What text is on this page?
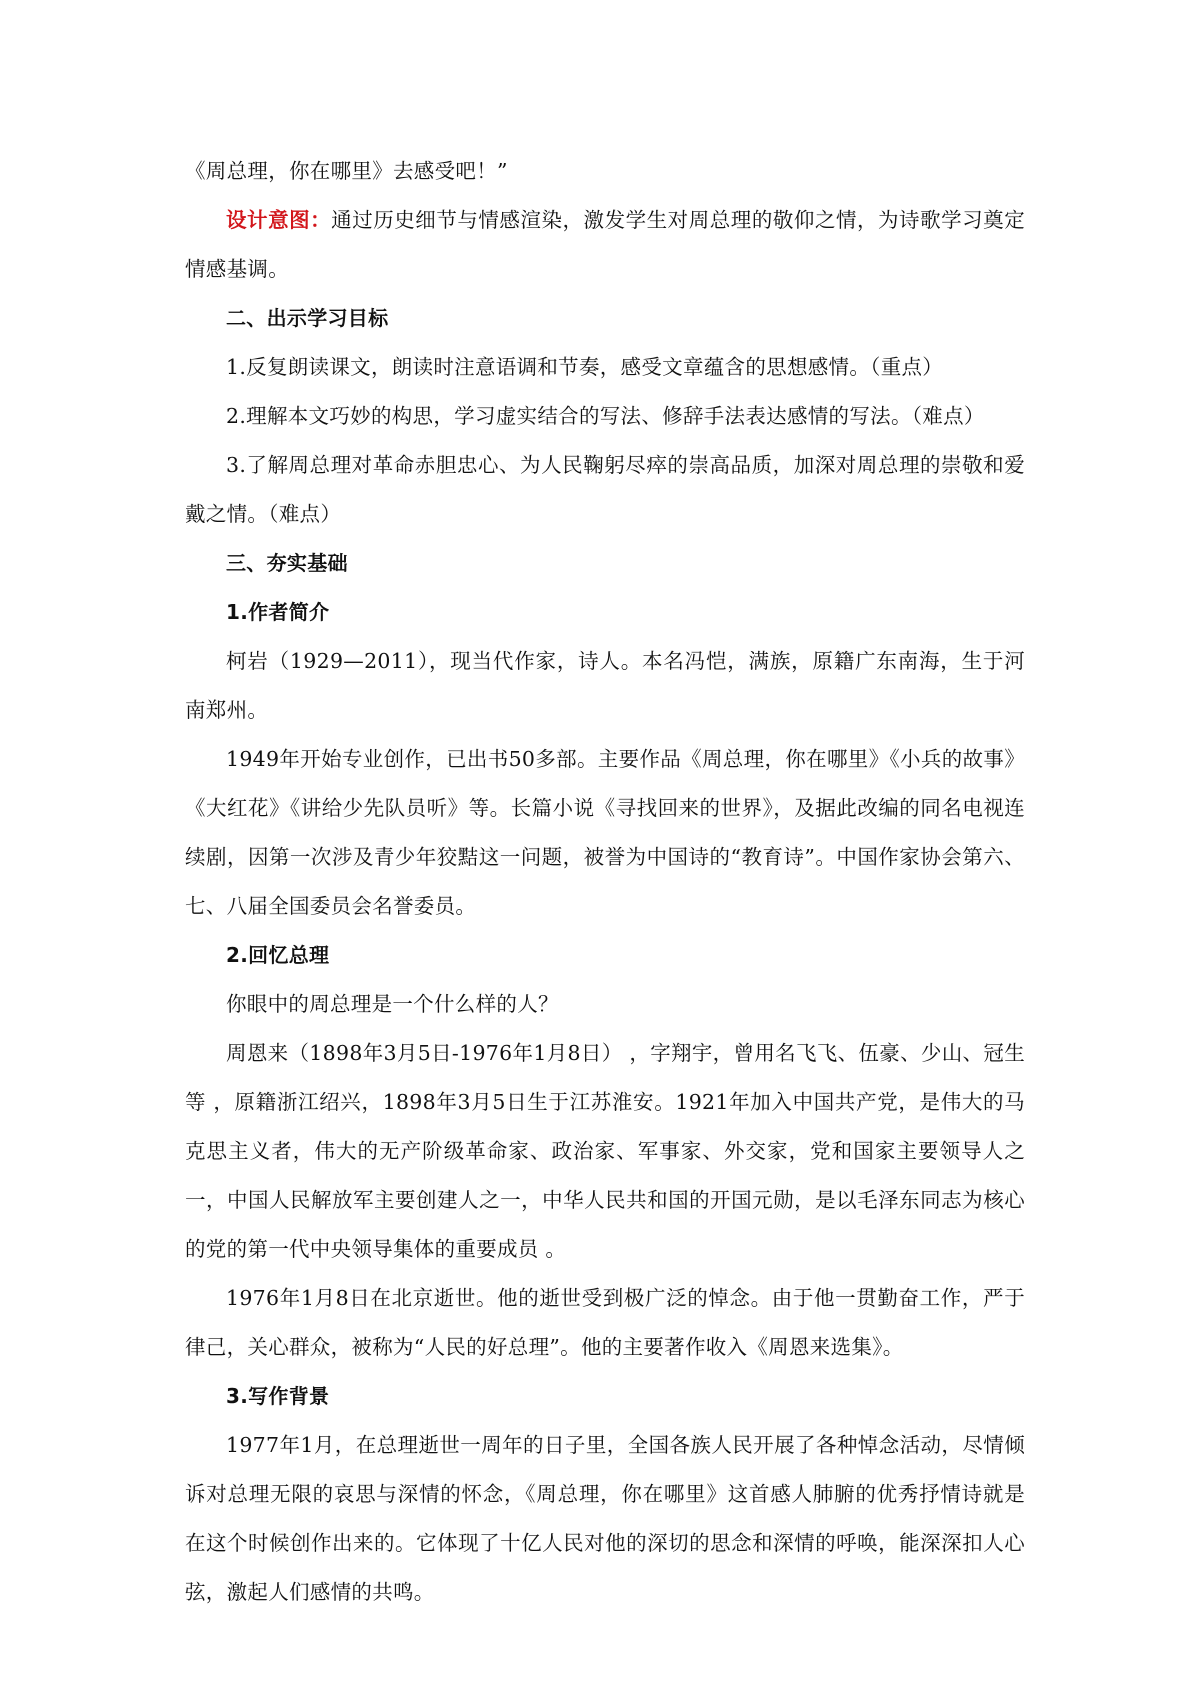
《周总理，你在哪里》去感受吧！”

设计意图：通过历史细节与情感渲染，激发学生对周总理的敬仰之情，为诗歌学习奠定情感基调。

二、出示学习目标

1.反复朗读课文，朗读时注意语调和节奏，感受文章蕴含的思想感情。（重点）

2.理解本文巧妙的构思，学习虚实结合的写法、修辞手法表达感情的写法。（难点）

3.了解周总理对革命赤胆忠心、为人民鞠躬尽瘁的崇高品质，加深对周总理的崇敬和爱戴之情。（难点）

三、夯实基础

1.作者简介

柯岩（1929—2011），现当代作家，诗人。本名冯恺，满族，原籍广东南海，生于河南郑州。

1949年开始专业创作，已出书50多部。主要作品《周总理，你在哪里》《小兵的故事》《大红花》《讲给少先队员听》等。长篇小说《寻找回来的世界》，及据此改编的同名电视连续剧，因第一次涉及青少年狡黠这一问题，被誉为中国诗的“教育诗”。中国作家协会第六、七、八届全国委员会名誉委员。

2.回忆总理

你眼中的周总理是一个什么样的人？

周恩来（1898年3月5日-1976年1月8日） ，字翔宇，曾用名飞飞、伍豪、少山、冠生等 ，原籍浙江绍兴，1898年3月5日生于江苏淮安。1921年加入中国共产党，是伟大的马克思主义者，伟大的无产阶级革命家、政治家、军事家、外交家，党和国家主要领导人之一，中国人民解放军主要创建人之一，中华人民共和国的开国元勋，是以毛泽东同志为核心的党的第一代中央领导集体的重要成员 。

1976年1月8日在北京逝世。他的逝世受到极广泛的悼念。由于他一贯勤奋工作，严于律己，关心群众，被称为“人民的好总理”。他的主要著作收入《周恩来选集》。

3.写作背景

1977年1月，在总理逝世一周年的日子里，全国各族人民开展了各种悼念活动，尽情倾诉对总理无限的哀思与深情的怀念，《周总理，你在哪里》这首感人肺腑的优秀抒情诗就是在这个时候创作出来的。它体现了十亿人民对他的深切的思念和深情的呼唤，能深深扣人心弦，激起人们感情的共鸣。
